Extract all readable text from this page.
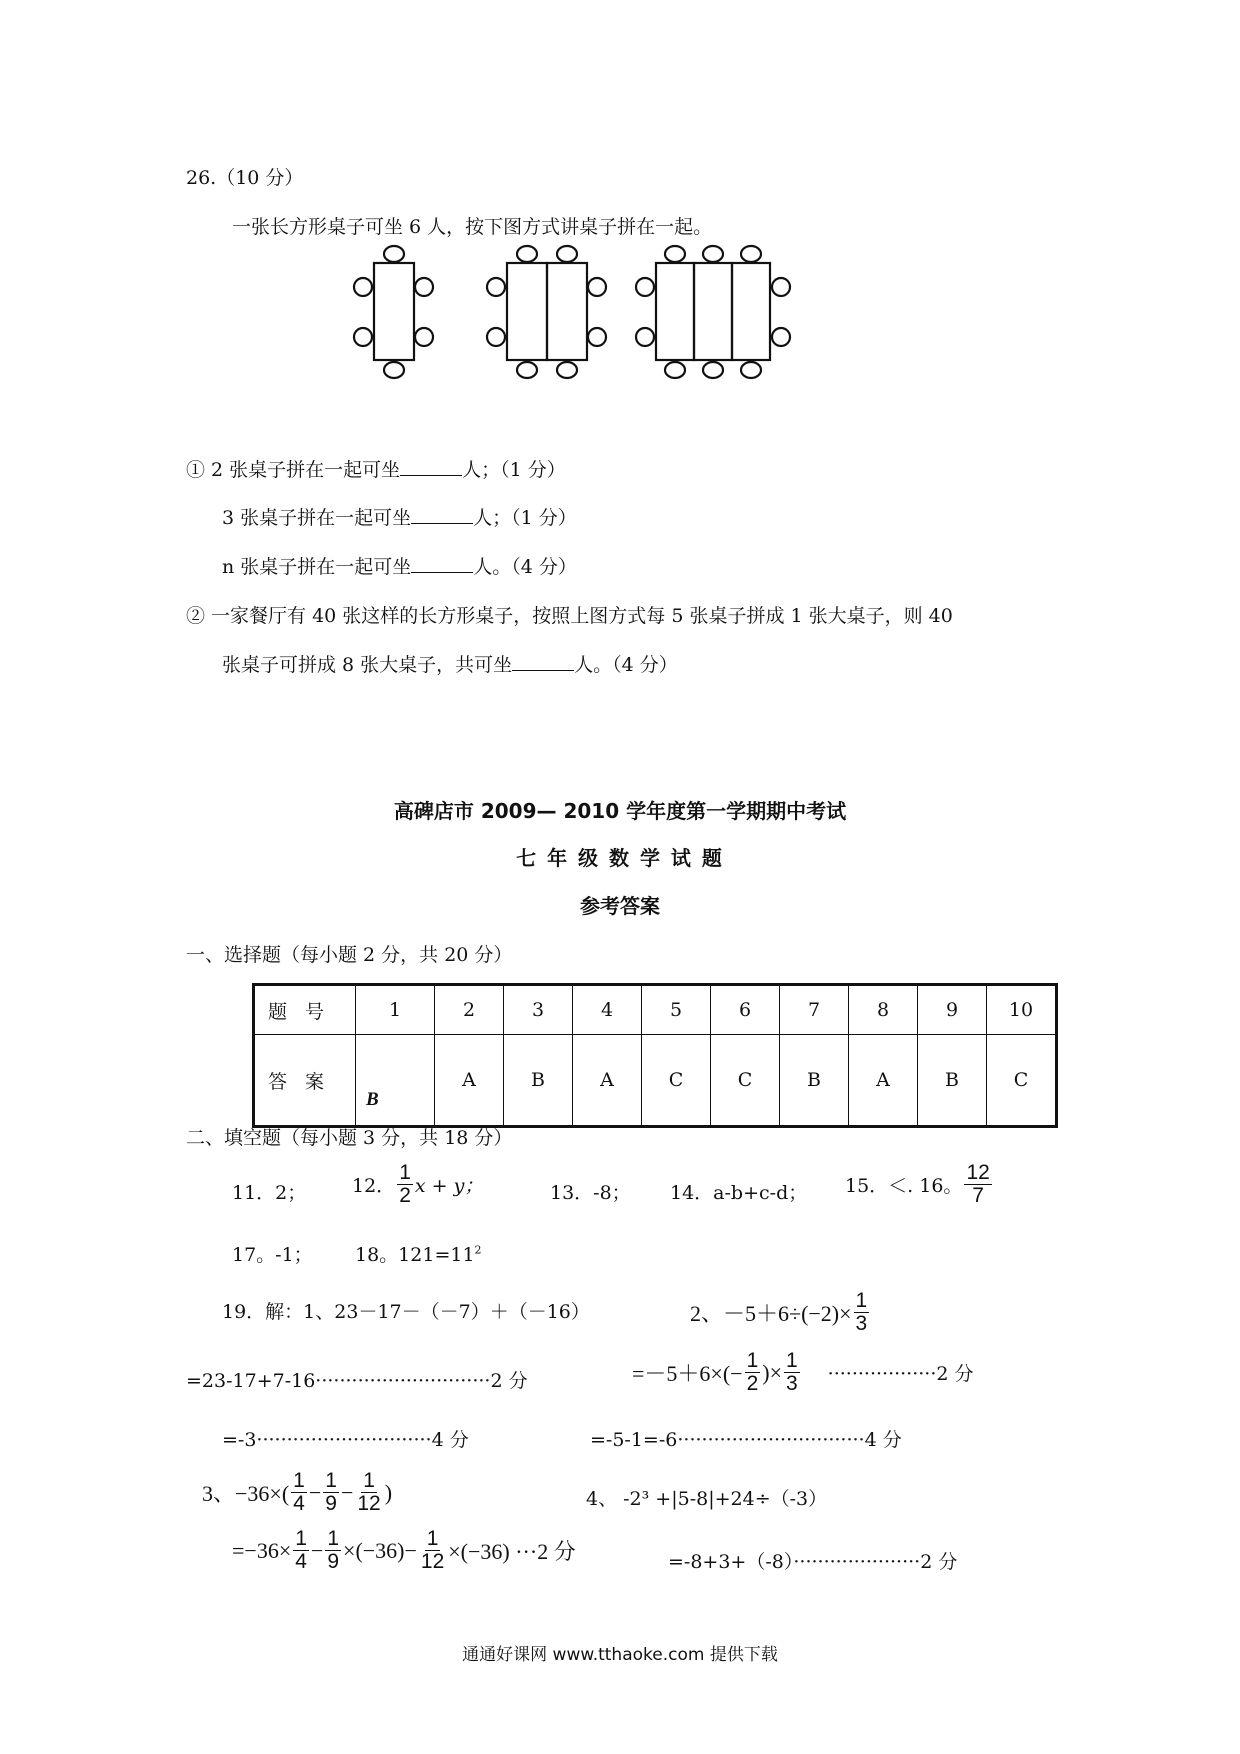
26.（10 分）
一张长方形桌子可坐 6 人，按下图方式讲桌子拼在一起。
① 2 张桌子拼在一起可坐	人；（1 分）
3 张桌子拼在一起可坐	人；（1 分）
n 张桌子拼在一起可坐	人。（4 分）
② 一家餐厅有 40 张这样的长方形桌子，按照上图方式每 5 张桌子拼成 1 张大桌子，则 40
张桌子可拼成 8 张大桌子，共可坐	人。（4 分）
高碑店市 2009— 2010 学年度第一学期期中考试
七 年 级 数 学 试 题
参考答案
一、选择题（每小题 2 分，共 20 分）
题号	1	2	3	4	5	6	7	8	9	10
答案	B	A	B	A	C	C	B	A	B	C
二、填空题（每小题 3 分，共 18 分）
11．2； 12． $\frac{1}{2}$ x + y；	13．-8； 14．a-b+c-d； 15．＜. 16。 $\frac{12}{7}$
17。-1； 18。$121=11^2$
19．解：1、23－17－（－7）＋（－16）	2、$-5+6\div(-2)\times \frac{1}{3}$
=23-17+7-16·····························2 分	$=-5+6\times(- \frac{1}{2}$ )× $\frac{1}{3} \cdot\cdot\cdot\cdot\cdot\cdot\cdot\cdot\cdot\cdot\cdot\cdot\cdot\cdot\cdot\cdot\cdot\cdot 2$ 分
=-3·····························4 分	=-5-1=-6·······························4 分
3、$-36\times( \frac{1}{4} - \frac{1}{9} - \frac{1}{12}$ )	4、 -2³ +|5-8|+24÷（-3）
$=-36\times \frac{1}{4} - \frac{1}{9} \times(-36)- \frac{1}{12} \times(-36) \cdot\cdot\cdot 2$ 分	=-8+3+（-8）·····················2 分
通通好课网 www.tthaoke.com 提供下载
